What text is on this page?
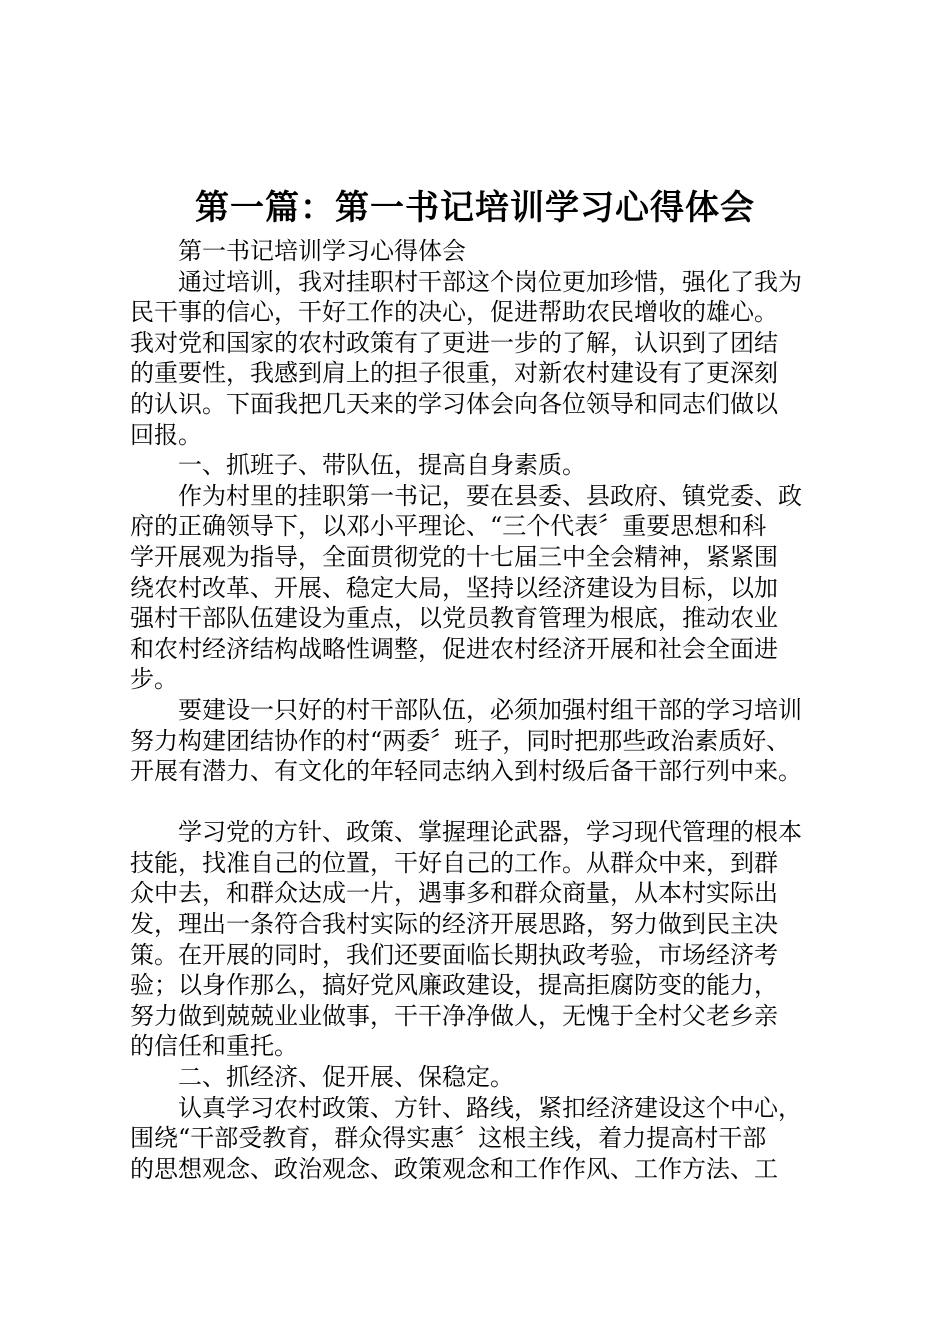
第一篇：第一书记培训学习心得体会
第一书记培训学习心得体会
通过培训，我对挂职村干部这个岗位更加珍惜，强化了我为
民干事的信心，干好工作的决心，促进帮助农民增收的雄心。
我对党和国家的农村政策有了更进一步的了解，认识到了团结
的重要性，我感到肩上的担子很重，对新农村建设有了更深刻
的认识。下面我把几天来的学习体会向各位领导和同志们做以
回报。
一、抓班子、带队伍，提高自身素质。
作为村里的挂职第一书记，要在县委、县政府、镇党委、政
府的正确领导下，以邓小平理论、“三个代表〞重要思想和科
学开展观为指导，全面贯彻党的十七届三中全会精神，紧紧围
绕农村改革、开展、稳定大局，坚持以经济建设为目标，以加
强村干部队伍建设为重点，以党员教育管理为根底，推动农业
和农村经济结构战略性调整，促进农村经济开展和社会全面进
步。
要建设一只好的村干部队伍，必须加强村组干部的学习培训
努力构建团结协作的村“两委〞班子，同时把那些政治素质好、
开展有潜力、有文化的年轻同志纳入到村级后备干部行列中来。
学习党的方针、政策、掌握理论武器，学习现代管理的根本
技能，找准自己的位置，干好自己的工作。从群众中来，到群
众中去，和群众达成一片，遇事多和群众商量，从本村实际出
发，理出一条符合我村实际的经济开展思路，努力做到民主决
策。在开展的同时，我们还要面临长期执政考验，市场经济考
验；以身作那么，搞好党风廉政建设，提高拒腐防变的能力，
努力做到兢兢业业做事，干干净净做人，无愧于全村父老乡亲
的信任和重托。
二、抓经济、促开展、保稳定。
认真学习农村政策、方针、路线，紧扣经济建设这个中心，
围绕“干部受教育，群众得实惠〞这根主线，着力提高村干部
的思想观念、政治观念、政策观念和工作作风、工作方法、工
